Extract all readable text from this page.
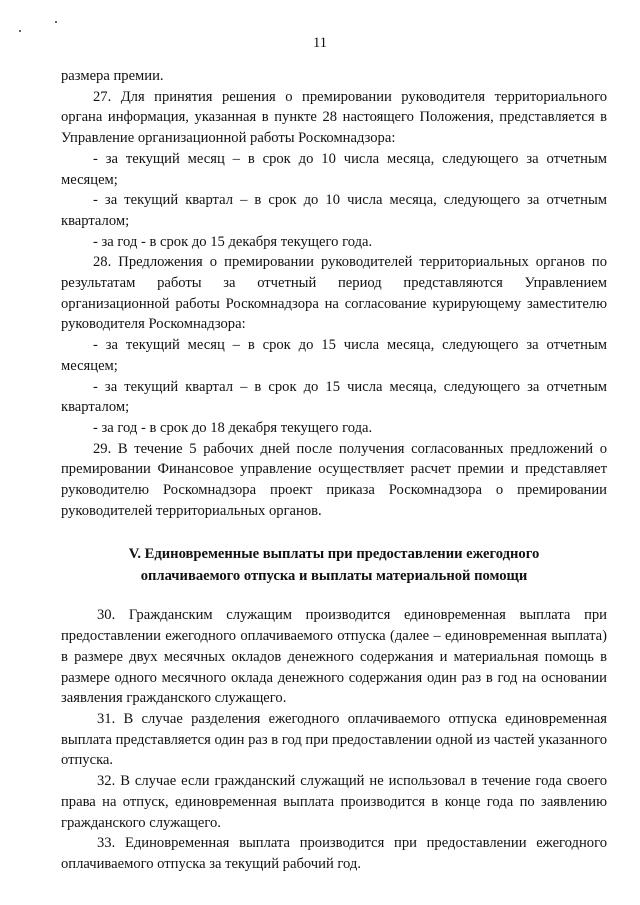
11

размера премии.

27. Для принятия решения о премировании руководителя территориального органа информация, указанная в пункте 28 настоящего Положения, представляется в Управление организационной работы Роскомнадзора:

- за текущий месяц – в срок до 10 числа месяца, следующего за отчетным месяцем;

- за текущий квартал – в срок до 10 числа месяца, следующего за отчетным кварталом;

- за год - в срок до 15 декабря текущего года.

28. Предложения о премировании руководителей территориальных органов по результатам работы за отчетный период представляются Управлением организационной работы Роскомнадзора на согласование курирующему заместителю руководителя Роскомнадзора:

- за текущий месяц – в срок до 15 числа месяца, следующего за отчетным месяцем;

- за текущий квартал – в срок до 15 числа месяца, следующего за отчетным кварталом;

- за год - в срок до 18 декабря текущего года.

29. В течение 5 рабочих дней после получения согласованных предложений о премировании Финансовое управление осуществляет расчет премии и представляет руководителю Роскомнадзора проект приказа Роскомнадзора о премировании руководителей территориальных органов.

V. Единовременные выплаты при предоставлении ежегодного
оплачиваемого отпуска и выплаты материальной помощи

30. Гражданским служащим производится единовременная выплата при предоставлении ежегодного оплачиваемого отпуска (далее – единовременная выплата) в размере двух месячных окладов денежного содержания и материальная помощь в размере одного месячного оклада денежного содержания один раз в год на основании заявления гражданского служащего.

31. В случае разделения ежегодного оплачиваемого отпуска единовременная выплата представляется один раз в год при предоставлении одной из частей указанного отпуска.

32. В случае если гражданский служащий не использовал в течение года своего права на отпуск, единовременная выплата производится в конце года по заявлению гражданского служащего.

33. Единовременная выплата производится при предоставлении ежегодного оплачиваемого отпуска за текущий рабочий год.
